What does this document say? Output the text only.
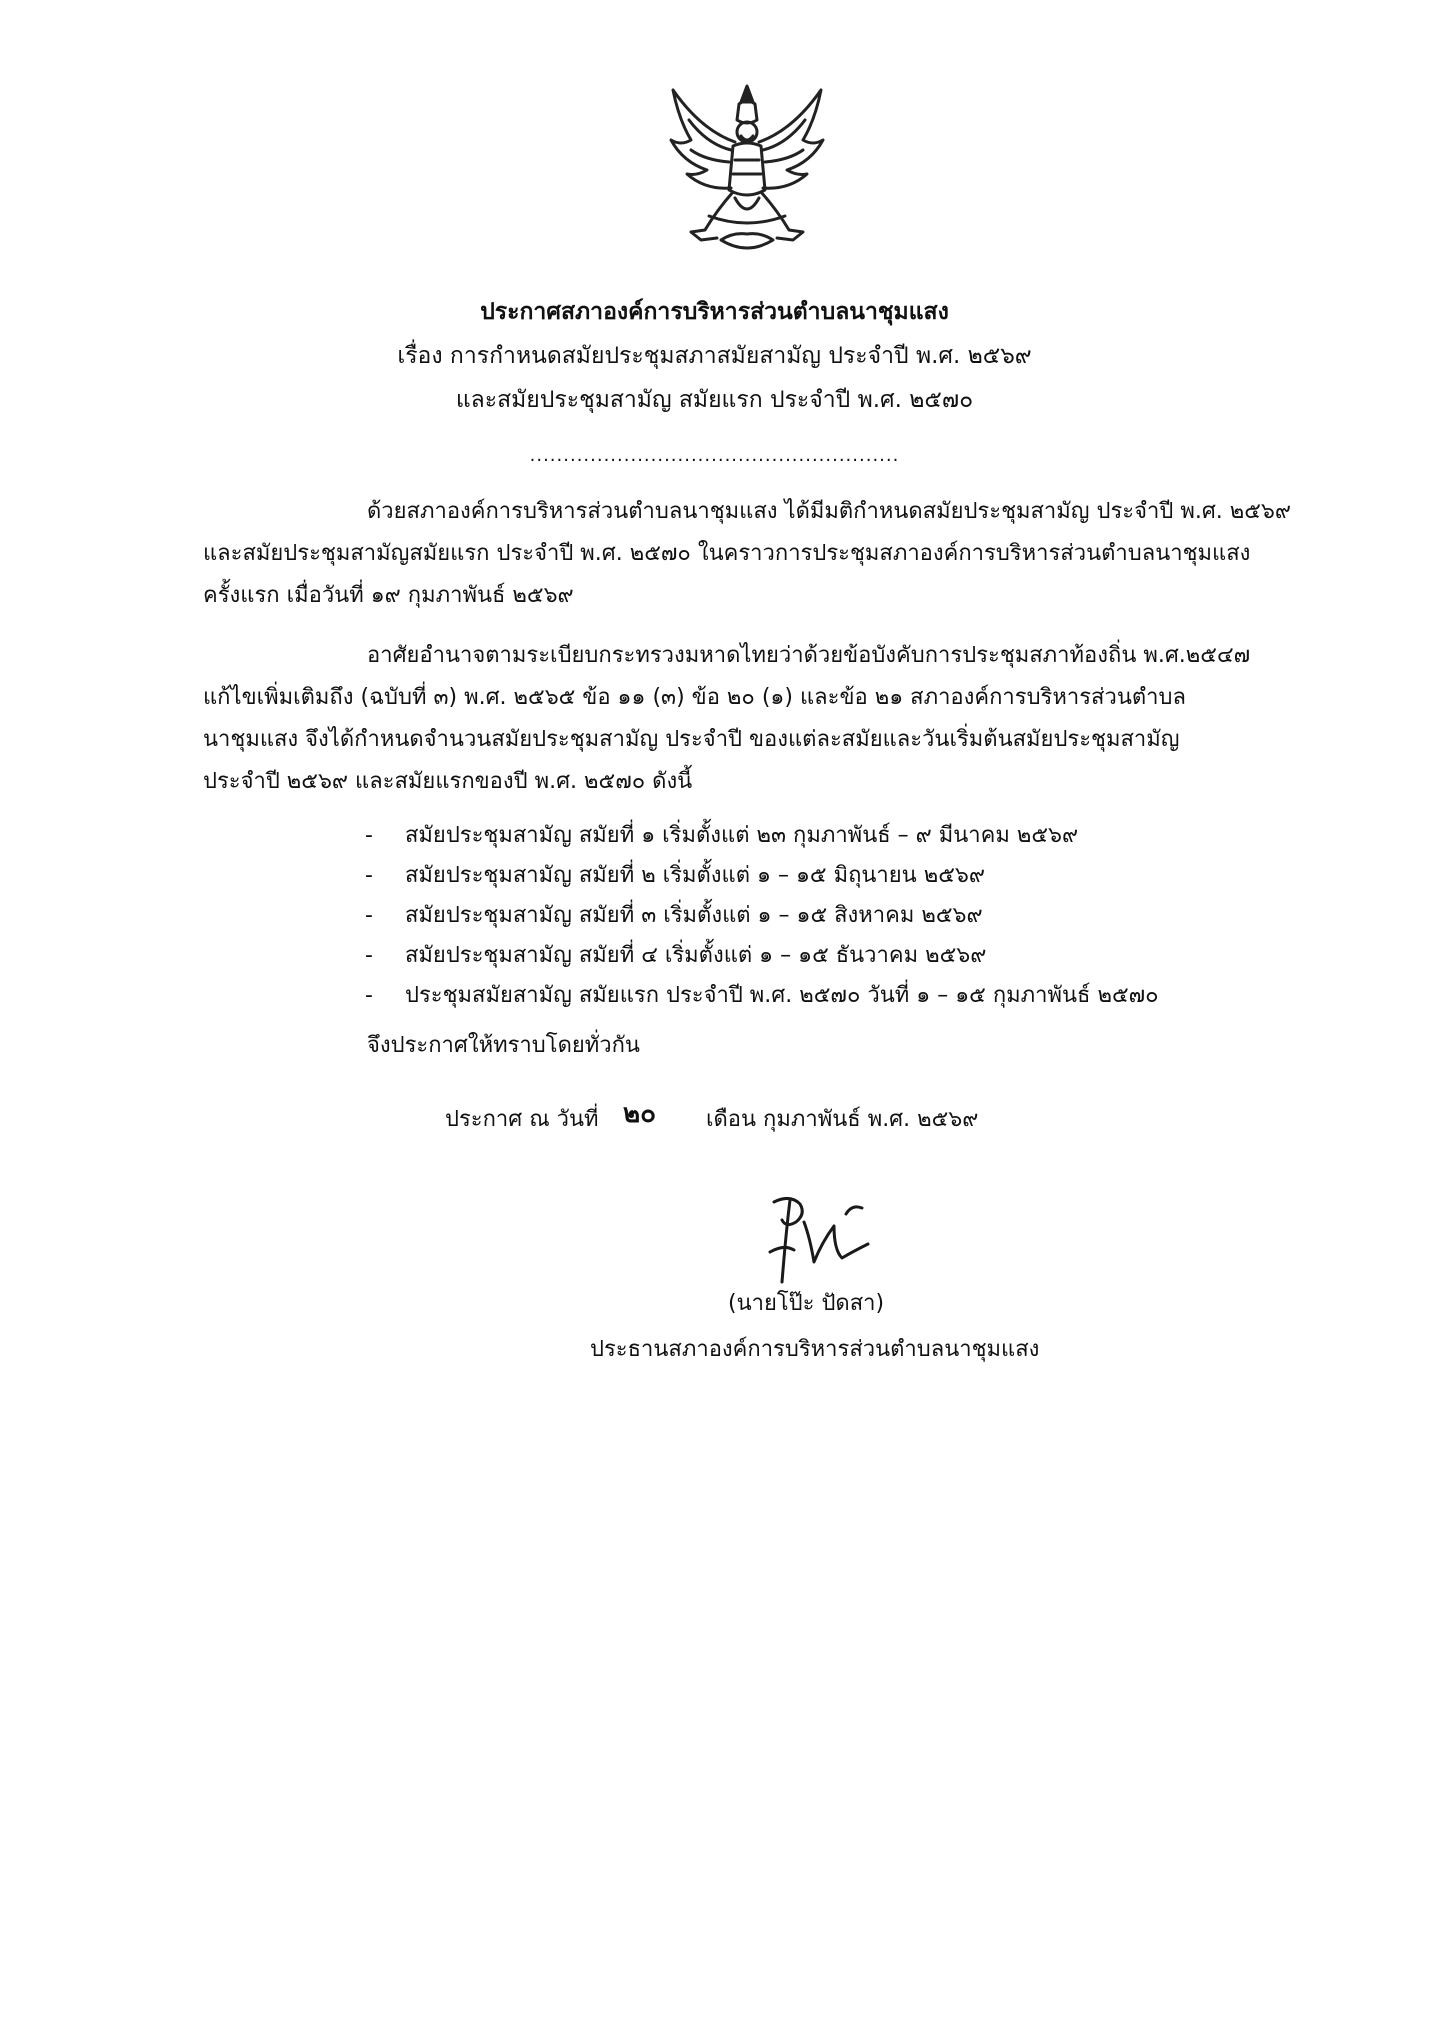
ประกาศสภาองค์การบริหารส่วนตำบลนาชุมแสง
เรื่อง การกำหนดสมัยประชุมสภาสมัยสามัญ ประจำปี พ.ศ. ๒๕๖๙
และสมัยประชุมสามัญ สมัยแรก ประจำปี พ.ศ. ๒๕๗๐
.......................................................
ด้วยสภาองค์การบริหารส่วนตำบลนาชุมแสง ได้มีมติกำหนดสมัยประชุมสามัญ ประจำปี พ.ศ. ๒๕๖๙
และสมัยประชุมสามัญสมัยแรก ประจำปี พ.ศ. ๒๕๗๐ ในคราวการประชุมสภาองค์การบริหารส่วนตำบลนาชุมแสง
ครั้งแรก เมื่อวันที่ ๑๙ กุมภาพันธ์ ๒๕๖๙
อาศัยอำนาจตามระเบียบกระทรวงมหาดไทยว่าด้วยข้อบังคับการประชุมสภาท้องถิ่น พ.ศ.๒๕๔๗
แก้ไขเพิ่มเติมถึง (ฉบับที่ ๓) พ.ศ. ๒๕๖๕ ข้อ ๑๑ (๓) ข้อ ๒๐ (๑) และข้อ ๒๑ สภาองค์การบริหารส่วนตำบล
นาชุมแสง จึงได้กำหนดจำนวนสมัยประชุมสามัญ ประจำปี ของแต่ละสมัยและวันเริ่มต้นสมัยประชุมสามัญ
ประจำปี ๒๕๖๙ และสมัยแรกของปี พ.ศ. ๒๕๗๐ ดังนี้
- สมัยประชุมสามัญ สมัยที่ ๑ เริ่มตั้งแต่ ๒๓ กุมภาพันธ์ – ๙ มีนาคม ๒๕๖๙
- สมัยประชุมสามัญ สมัยที่ ๒ เริ่มตั้งแต่ ๑ – ๑๕ มิถุนายน ๒๕๖๙
- สมัยประชุมสามัญ สมัยที่ ๓ เริ่มตั้งแต่ ๑ – ๑๕ สิงหาคม ๒๕๖๙
- สมัยประชุมสามัญ สมัยที่ ๔ เริ่มตั้งแต่ ๑ – ๑๕ ธันวาคม ๒๕๖๙
- ประชุมสมัยสามัญ สมัยแรก ประจำปี พ.ศ. ๒๕๗๐ วันที่ ๑ – ๑๕ กุมภาพันธ์ ๒๕๗๐
จึงประกาศให้ทราบโดยทั่วกัน
ประกาศ ณ วันที่ ๒๐ เดือน กุมภาพันธ์ พ.ศ. ๒๕๖๙
(นายโป๊ะ ปัดสา)
ประธานสภาองค์การบริหารส่วนตำบลนาชุมแสง
